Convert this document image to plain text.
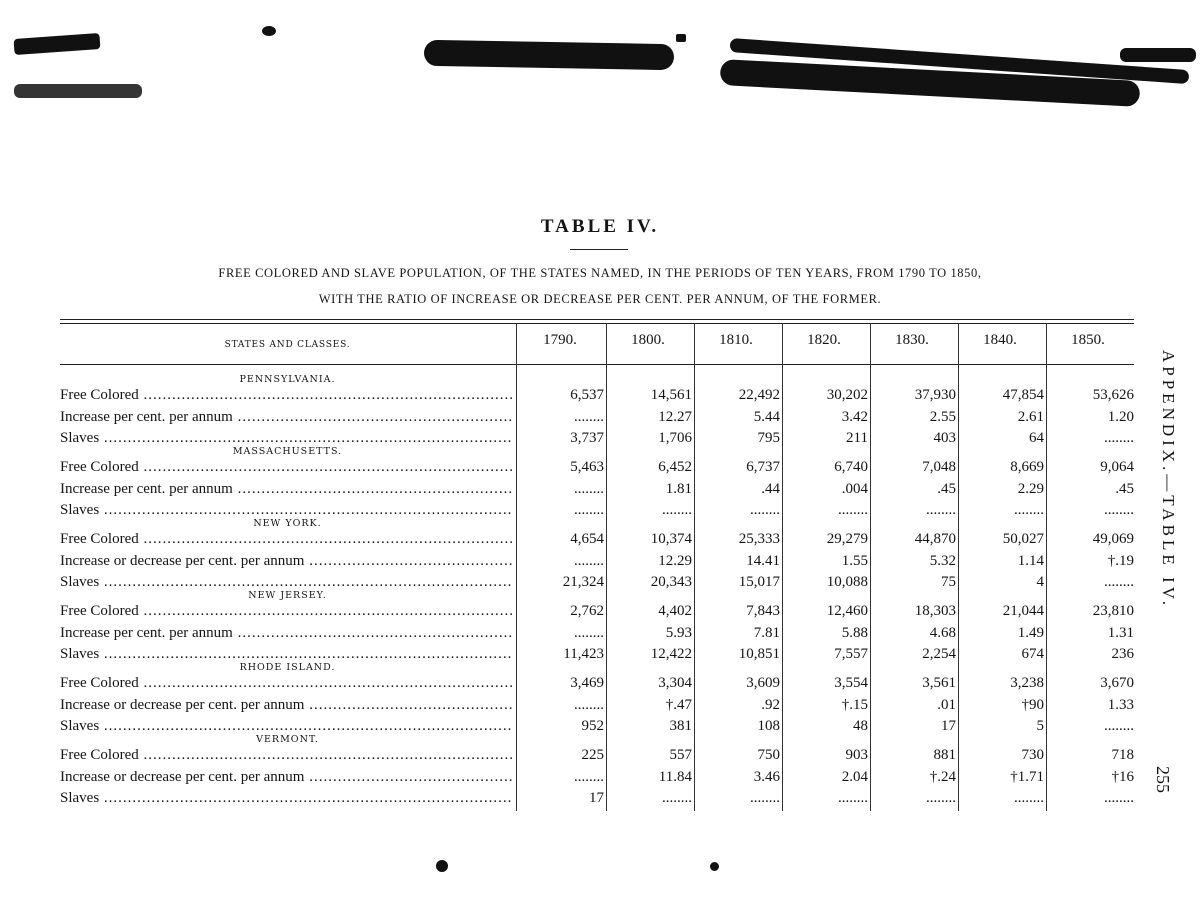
TABLE IV.
FREE COLORED AND SLAVE POPULATION, OF THE STATES NAMED, IN THE PERIODS OF TEN YEARS, FROM 1790 TO 1850,
WITH THE RATIO OF INCREASE OR DECREASE PER CENT. PER ANNUM, OF THE FORMER.
STATES AND CLASSES.	1790.	1800.	1810.	1820.	1830.	1840.	1850.
PENNSYLVANIA.
Free Colored .....	6,537	14,561	22,492	30,202	37,930	47,854	53,626
Increase per cent. per annum .....	........	12.27	5.44	3.42	2.55	2.61	1.20
Slaves .....	3,737	1,706	795	211	403	64	........
MASSACHUSETTS.
Free Colored .....	5,463	6,452	6,737	6,740	7,048	8,669	9,064
Increase per cent. per annum .....	........	1.81	.44	.004	.45	2.29	.45
Slaves .....	........	........	........	........	........	........	........
NEW YORK.
Free Colored .....	4,654	10,374	25,333	29,279	44,870	50,027	49,069
Increase or decrease per cent. per annum .....	........	12.29	14.41	1.55	5.32	1.14	†.19
Slaves .....	21,324	20,343	15,017	10,088	75	4	........
NEW JERSEY.
Free Colored .....	2,762	4,402	7,843	12,460	18,303	21,044	23,810
Increase per cent. per annum .....	........	5.93	7.81	5.88	4.68	1.49	1.31
Slaves .....	11,423	12,422	10,851	7,557	2,254	674	236
RHODE ISLAND.
Free Colored .....	3,469	3,304	3,609	3,554	3,561	3,238	3,670
Increase or decrease per cent. per annum .....	........	†.47	.92	†.15	.01	†90	1.33
Slaves .....	952	381	108	48	17	5	........
VERMONT.
Free Colored .....	225	557	750	903	881	730	718
Increase or decrease per cent. per annum .....	........	11.84	3.46	2.04	†.24	†1.71	†16
Slaves .....	17	........	........	........	........	........	........
APPENDIX.—TABLE IV.
255
